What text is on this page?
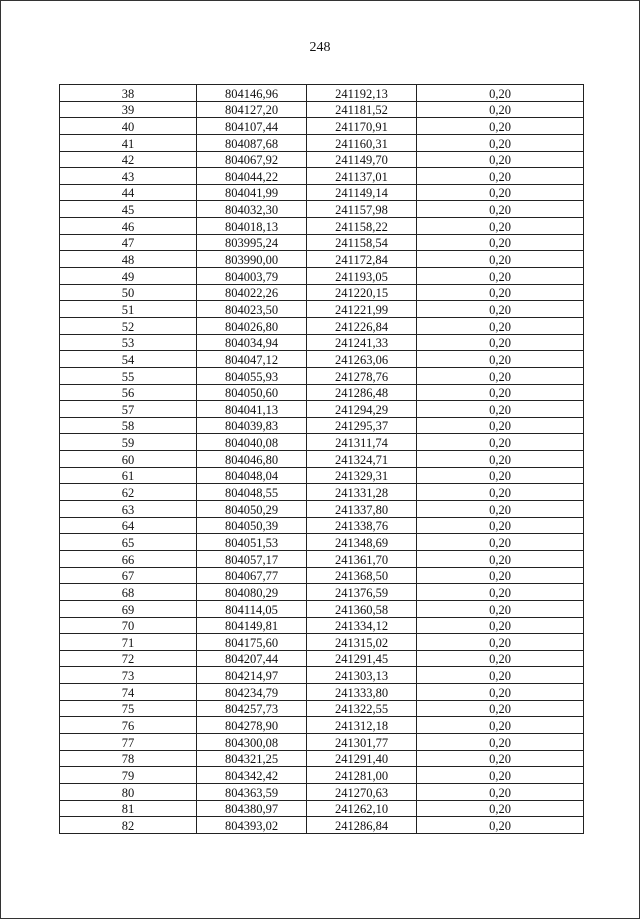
248
38	804146,96	241192,13	0,20
39	804127,20	241181,52	0,20
40	804107,44	241170,91	0,20
41	804087,68	241160,31	0,20
42	804067,92	241149,70	0,20
43	804044,22	241137,01	0,20
44	804041,99	241149,14	0,20
45	804032,30	241157,98	0,20
46	804018,13	241158,22	0,20
47	803995,24	241158,54	0,20
48	803990,00	241172,84	0,20
49	804003,79	241193,05	0,20
50	804022,26	241220,15	0,20
51	804023,50	241221,99	0,20
52	804026,80	241226,84	0,20
53	804034,94	241241,33	0,20
54	804047,12	241263,06	0,20
55	804055,93	241278,76	0,20
56	804050,60	241286,48	0,20
57	804041,13	241294,29	0,20
58	804039,83	241295,37	0,20
59	804040,08	241311,74	0,20
60	804046,80	241324,71	0,20
61	804048,04	241329,31	0,20
62	804048,55	241331,28	0,20
63	804050,29	241337,80	0,20
64	804050,39	241338,76	0,20
65	804051,53	241348,69	0,20
66	804057,17	241361,70	0,20
67	804067,77	241368,50	0,20
68	804080,29	241376,59	0,20
69	804114,05	241360,58	0,20
70	804149,81	241334,12	0,20
71	804175,60	241315,02	0,20
72	804207,44	241291,45	0,20
73	804214,97	241303,13	0,20
74	804234,79	241333,80	0,20
75	804257,73	241322,55	0,20
76	804278,90	241312,18	0,20
77	804300,08	241301,77	0,20
78	804321,25	241291,40	0,20
79	804342,42	241281,00	0,20
80	804363,59	241270,63	0,20
81	804380,97	241262,10	0,20
82	804393,02	241286,84	0,20
